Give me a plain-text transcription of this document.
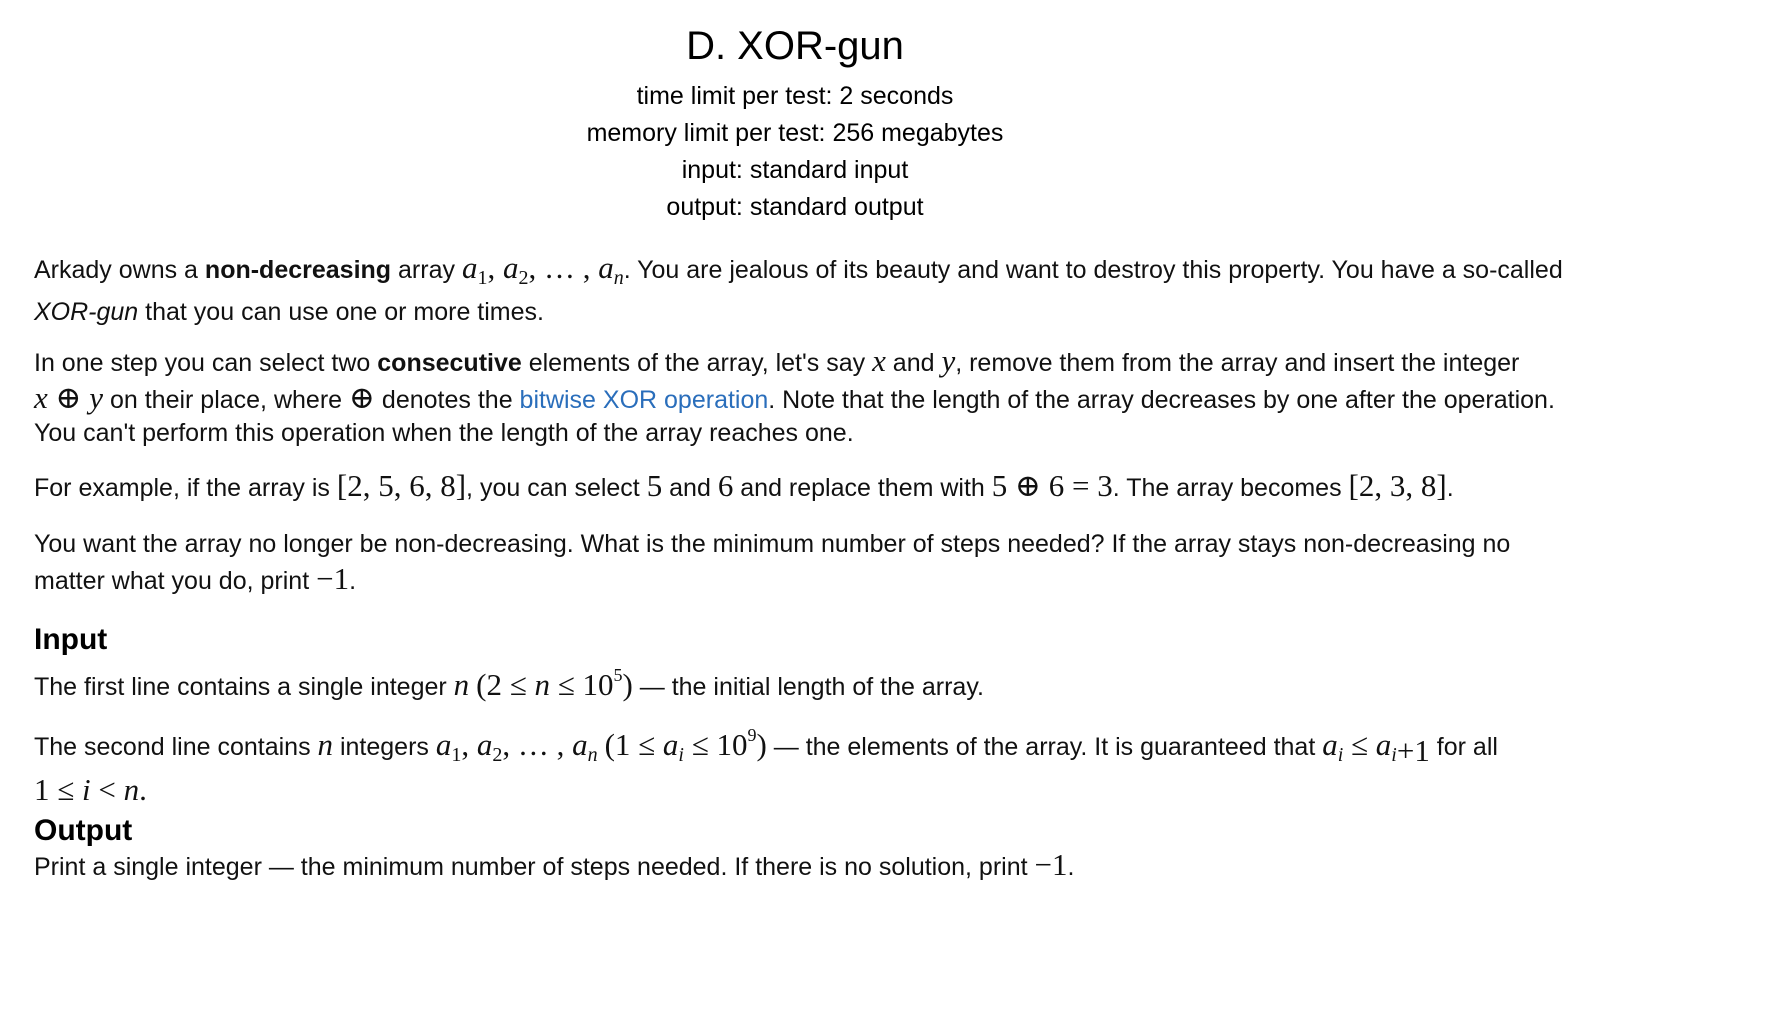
D. XOR-gun
time limit per test: 2 seconds
memory limit per test: 256 megabytes
input: standard input
output: standard output
Arkady owns a non-decreasing array $a_1$, $a_2$, … , $a_n$. You are jealous of its beauty and want to destroy this property. You have a so-called
XOR-gun that you can use one or more times.
In one step you can select two consecutive elements of the array, let's say x and y, remove them from the array and insert the integer
x ⊕ y on their place, where ⊕ denotes the bitwise XOR operation. Note that the length of the array decreases by one after the operation. You can't perform this operation when the length of the array reaches one.
For example, if the array is [2, 5, 6, 8], you can select 5 and 6 and replace them with 5 ⊕ 6 = 3. The array becomes [2, 3, 8].
You want the array no longer be non-decreasing. What is the minimum number of steps needed? If the array stays non-decreasing no matter what you do, print −1.
Input
The first line contains a single integer n $(2 \le n \le 10^5)$ — the initial length of the array.
The second line contains n integers $a_1$, $a_2$, … , $a_n$ $(1 \le a_i \le 10^9)$ — the elements of the array. It is guaranteed that $a_i \le a_{i+1}$ for all
1 ≤ i < n.
Output
Print a single integer — the minimum number of steps needed. If there is no solution, print −1.
